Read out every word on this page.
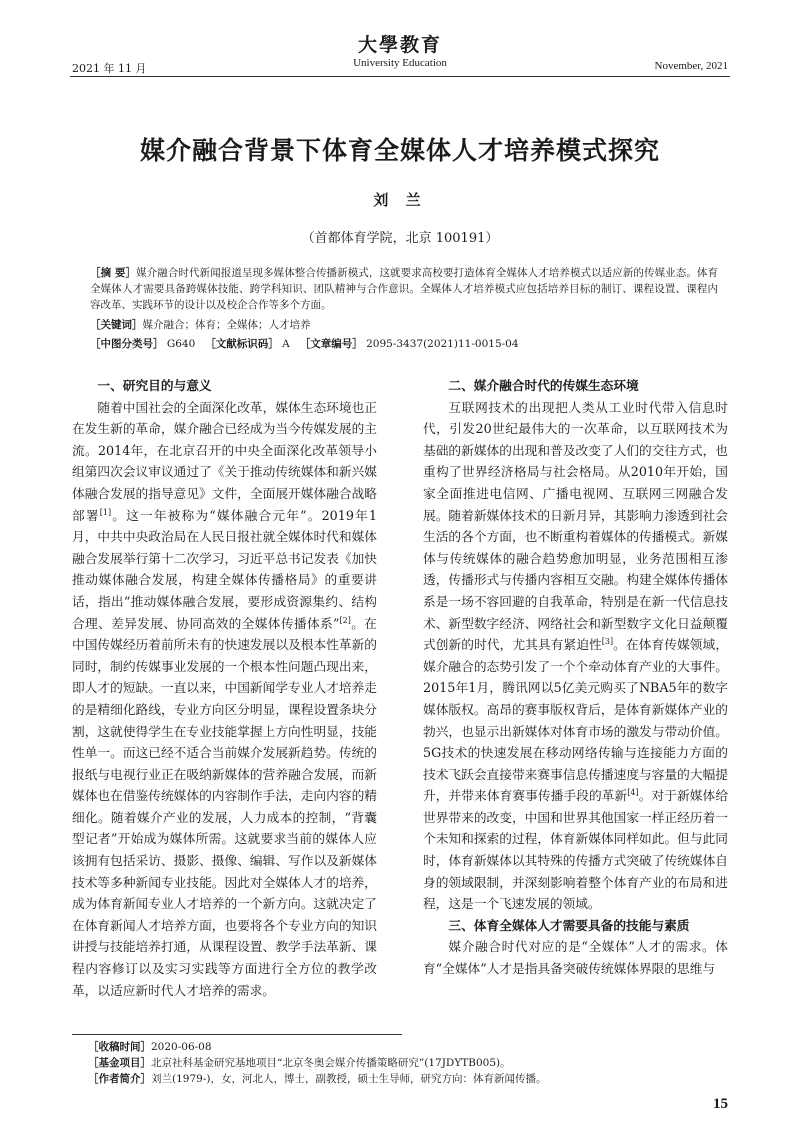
大學教育
University Education
2021 年 11 月	November, 2021
媒介融合背景下体育全媒体人才培养模式探究
刘 兰
（首都体育学院，北京 100191）
［摘 要］媒介融合时代新闻报道呈现多媒体整合传播新模式，这就要求高校要打造体育全媒体人才培养模式以适应新的传媒业态。体育全媒体人才需要具备跨媒体技能、跨学科知识、团队精神与合作意识。全媒体人才培养模式应包括培养目标的制订、课程设置、课程内容改革、实践环节的设计以及校企合作等多个方面。
［关键词］媒介融合；体育；全媒体；人才培养
［中图分类号］ G640 ［文献标识码］ A ［文章编号］ 2095-3437(2021)11-0015-04
一、研究目的与意义

随着中国社会的全面深化改革，媒体生态环境也正在发生新的革命，媒介融合已经成为当今传媒发展的主流。2014年，在北京召开的中央全面深化改革领导小组第四次会议审议通过了《关于推动传统媒体和新兴媒体融合发展的指导意见》文件，全面展开媒体融合战略部署[1]。这一年被称为“媒体融合元年”。2019年1月，中共中央政治局在人民日报社就全媒体时代和媒体融合发展举行第十二次学习，习近平总书记发表《加快推动媒体融合发展，构建全媒体传播格局》的重要讲话，指出“推动媒体融合发展，要形成资源集约、结构合理、差异发展、协同高效的全媒体传播体系”[2]。在中国传媒经历着前所未有的快速发展以及根本性革新的同时，制约传媒事业发展的一个根本性问题凸现出来，即人才的短缺。一直以来，中国新闻学专业人才培养走的是精细化路线，专业方向区分明显，课程设置条块分割，这就使得学生在专业技能掌握上方向性明显，技能性单一。而这已经不适合当前媒介发展新趋势。传统的报纸与电视行业正在吸纳新媒体的营养融合发展，而新媒体也在借鉴传统媒体的内容制作手法，走向内容的精细化。随着媒介产业的发展，人力成本的控制，“背囊型记者”开始成为媒体所需。这就要求当前的媒体人应该拥有包括采访、摄影、摄像、编辑、写作以及新媒体技术等多种新闻专业技能。因此对全媒体人才的培养，成为体育新闻专业人才培养的一个新方向。这就决定了在体育新闻人才培养方面，也要将各个专业方向的知识讲授与技能培养打通，从课程设置、教学手法革新、课程内容修订以及实习实践等方面进行全方位的教学改革，以适应新时代人才培养的需求。

二、媒介融合时代的传媒生态环境

互联网技术的出现把人类从工业时代带入信息时代，引发20世纪最伟大的一次革命，以互联网技术为基础的新媒体的出现和普及改变了人们的交往方式，也重构了世界经济格局与社会格局。从2010年开始，国家全面推进电信网、广播电视网、互联网三网融合发展。随着新媒体技术的日新月异，其影响力渗透到社会生活的各个方面，也不断重构着媒体的传播模式。新媒体与传统媒体的融合趋势愈加明显，业务范围相互渗透，传播形式与传播内容相互交融。构建全媒体传播体系是一场不容回避的自我革命，特别是在新一代信息技术、新型数字经济、网络社会和新型数字文化日益颠覆式创新的时代，尤其具有紧迫性[3]。在体育传媒领域，媒介融合的态势引发了一个个牵动体育产业的大事件。2015年1月，腾讯网以5亿美元购买了NBA5年的数字媒体版权。高昂的赛事版权背后，是体育新媒体产业的勃兴，也显示出新媒体对体育市场的激发与带动价值。5G技术的快速发展在移动网络传输与连接能力方面的技术飞跃会直接带来赛事信息传播速度与容量的大幅提升，并带来体育赛事传播手段的革新[4]。对于新媒体给世界带来的改变，中国和世界其他国家一样正经历着一个未知和探索的过程，体育新媒体同样如此。但与此同时，体育新媒体以其特殊的传播方式突破了传统媒体自身的领域限制，并深刻影响着整个体育产业的布局和进程，这是一个飞速发展的领域。

三、体育全媒体人才需要具备的技能与素质

媒介融合时代对应的是“全媒体”人才的需求。体育“全媒体”人才是指具备突破传统媒体界限的思维与

［收稿时间］2020-06-08
［基金项目］北京社科基金研究基地项目“北京冬奥会媒介传播策略研究”(17JDYTB005)。
［作者简介］刘兰(1979-)，女，河北人，博士，副教授，硕士生导师，研究方向：体育新闻传播。
15
